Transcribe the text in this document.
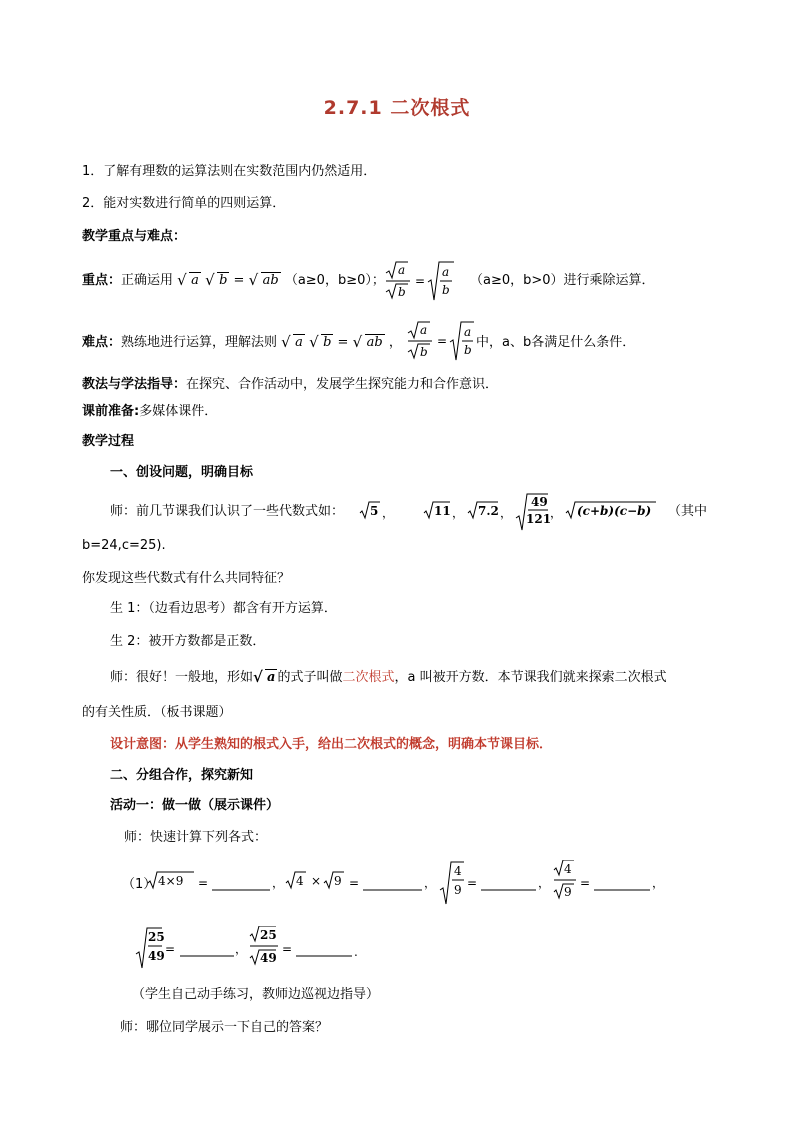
2.7.1 二次根式
1．了解有理数的运算法则在实数范围内仍然适用．
2．能对实数进行简单的四则运算．
教学重点与难点：
重点：正确运用 √ a √ b = √ ab （a≥0，b≥0）；
a
b
=
a
b
（a≥0，b>0）进行乘除运算．
难点：熟练地进行运算，理解法则 √ a √ b = √ ab ，
a
b
=
a
b 中，a、b各满足什么条件．
教法与学法指导：在探究、合作活动中，发展学生探究能力和合作意识．
课前准备:多媒体课件．
教学过程
一、创设问题，明确目标
师：前几节课我们认识了一些代数式如： 5 ，	11 ， 7.2 ，
49
121
， (c+b)(c−b) （其中
b=24,c=25).
你发现这些代数式有什么共同特征？
生 1：（边看边思考）都含有开方运算．
生 2：被开方数都是正数．
师：很好！一般地，形如 √ a 的式子叫做二次根式，a 叫被开方数．本节课我们就来探索二次根式
的有关性质．（板书课题）
设计意图：从学生熟知的根式入手，给出二次根式的概念，明确本节课目标．
二、分组合作，探究新知
活动一：做一做（展示课件）
师：快速计算下列各式：
（1） 4×9 =	， 4 × 9 =	，
4
9 =	，
4
9
=	，
25
49 =	，
25
49
=	.
（学生自己动手练习，教师边巡视边指导）
师：哪位同学展示一下自己的答案？
